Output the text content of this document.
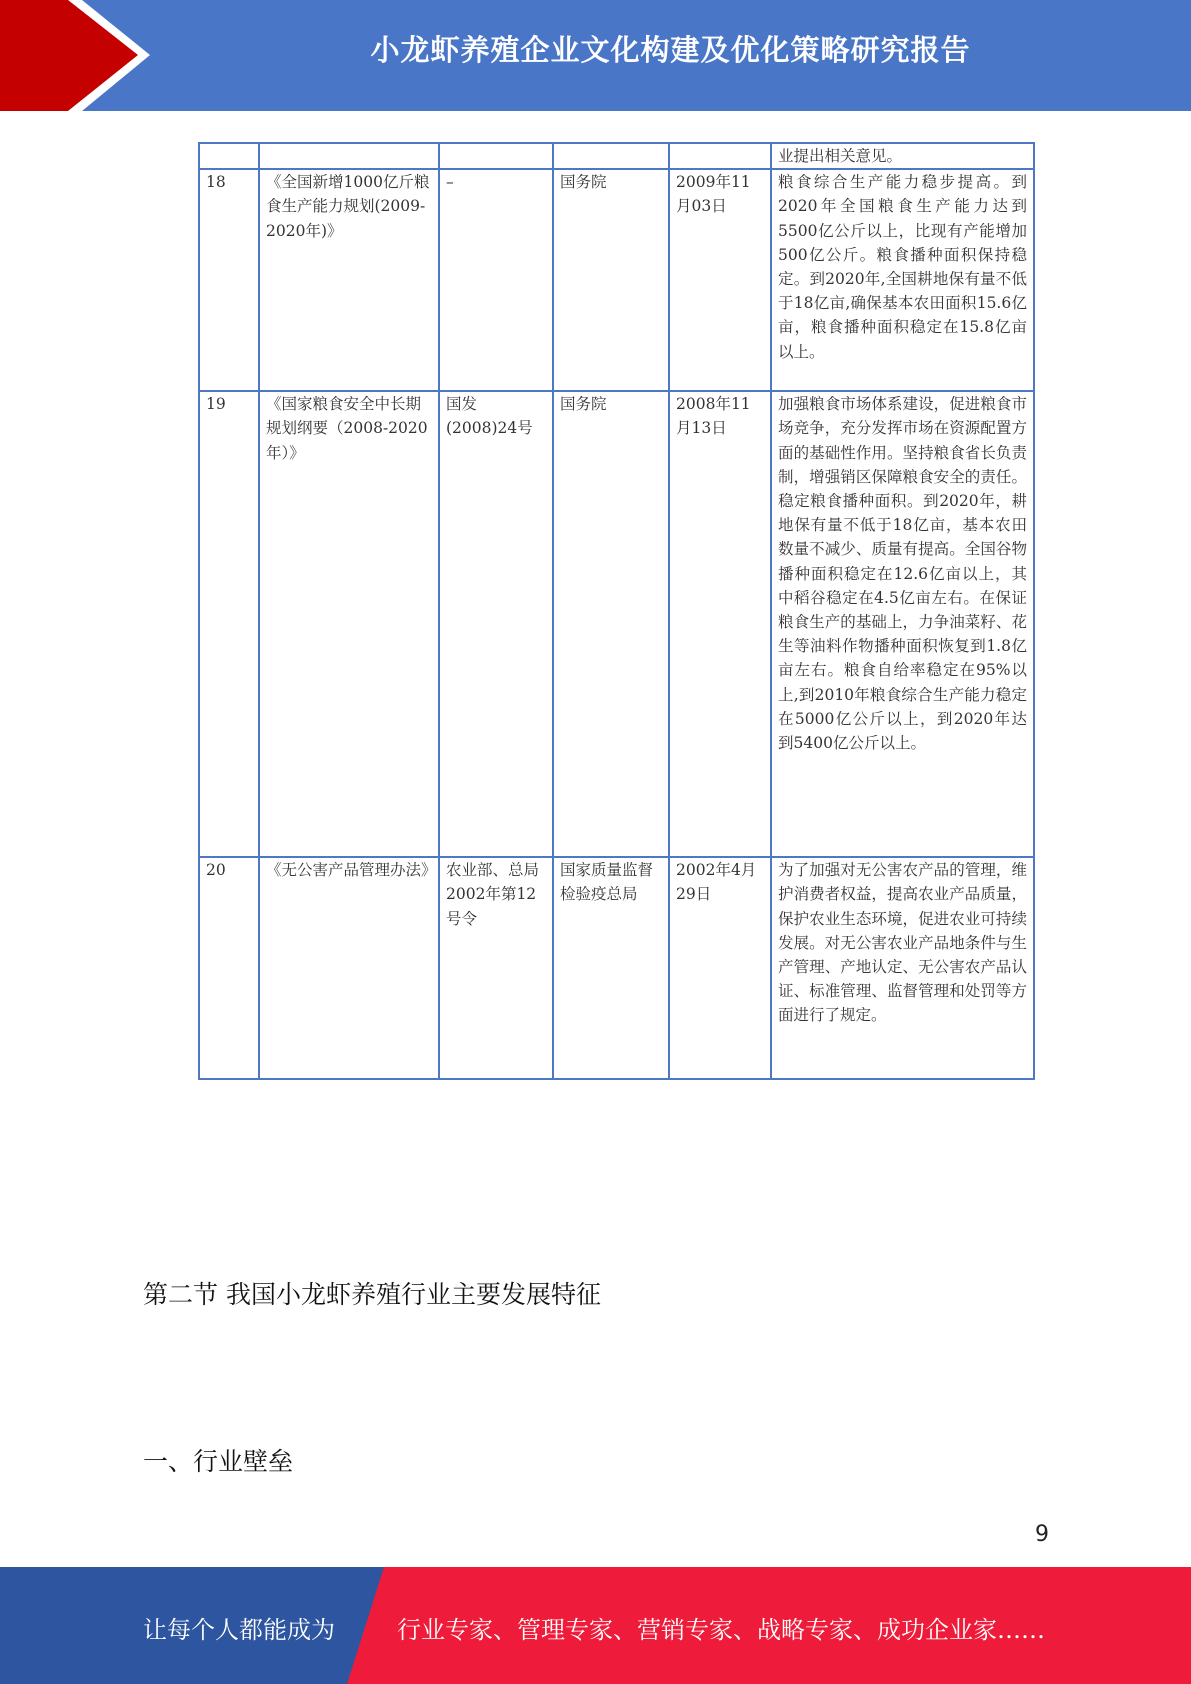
小龙虾养殖企业文化构建及优化策略研究报告
					业提出相关意见。
18	《全国新增1000亿斤粮食生产能力规划(2009-2020年)》	–	国务院	2009年11月03日	粮食综合生产能力稳步提高。到2020年全国粮食生产能力达到5500亿公斤以上，比现有产能增加500亿公斤。粮食播种面积保持稳定。到2020年,全国耕地保有量不低于18亿亩,确保基本农田面积15.6亿亩，粮食播种面积稳定在15.8亿亩以上。
19	《国家粮食安全中长期规划纲要（2008-2020年）》	国发(2008)24号	国务院	2008年11月13日	加强粮食市场体系建设，促进粮食市场竞争，充分发挥市场在资源配置方面的基础性作用。坚持粮食省长负责制，增强销区保障粮食安全的责任。稳定粮食播种面积。到2020年，耕地保有量不低于18亿亩，基本农田数量不减少、质量有提高。全国谷物播种面积稳定在12.6亿亩以上，其中稻谷稳定在4.5亿亩左右。在保证粮食生产的基础上，力争油菜籽、花生等油料作物播种面积恢复到1.8亿亩左右。粮食自给率稳定在95%以上,到2010年粮食综合生产能力稳定在5000亿公斤以上，到2020年达到5400亿公斤以上。
20	《无公害产品管理办法》	农业部、总局 2002年第12号令	国家质量监督检验疫总局	2002年4月29日	为了加强对无公害农产品的管理，维护消费者权益，提高农业产品质量，保护农业生态环境，促进农业可持续发展。对无公害农业产品地条件与生产管理、产地认定、无公害农产品认证、标准管理、监督管理和处罚等方面进行了规定。
第二节 我国小龙虾养殖行业主要发展特征
一、行业壁垒
9
让每个人都能成为	行业专家、管理专家、营销专家、战略专家、成功企业家……
